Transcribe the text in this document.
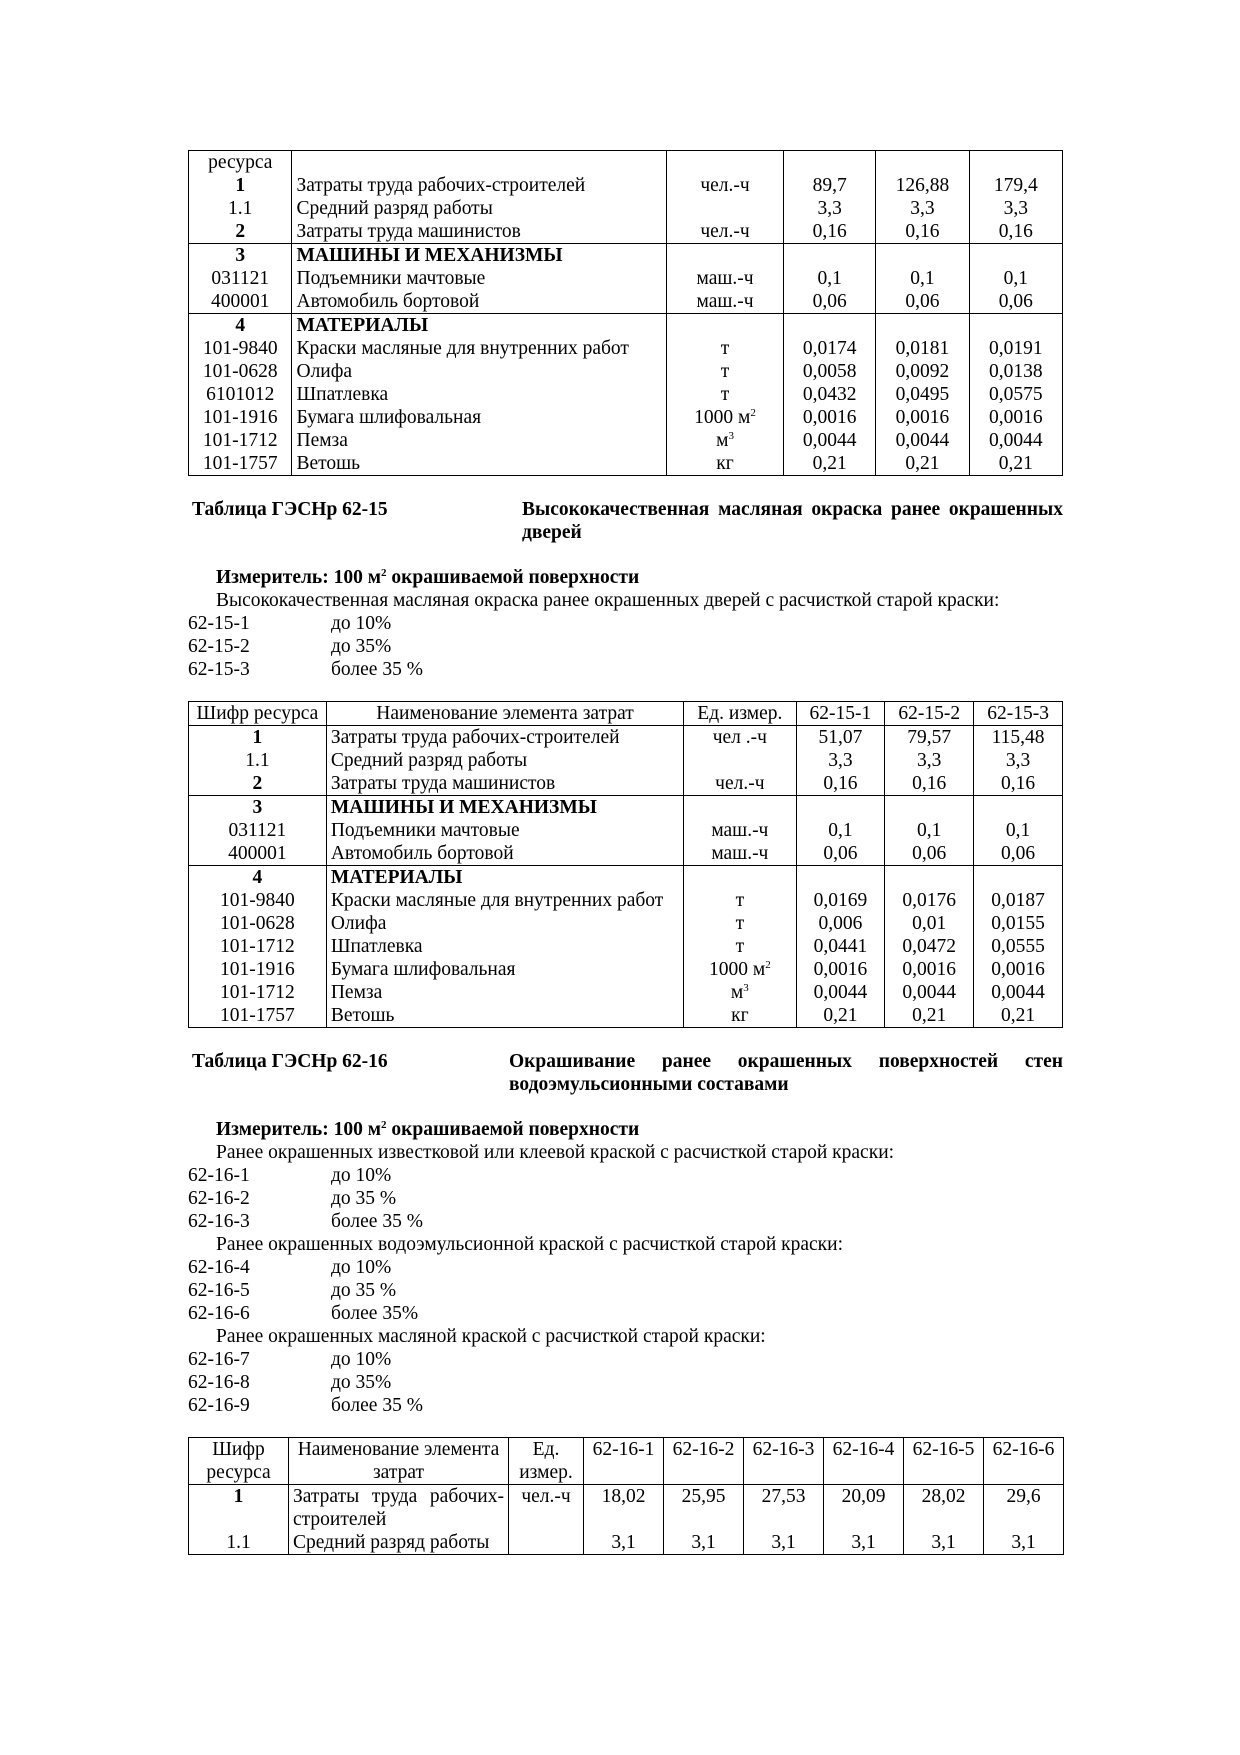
ресурса					
1	Затраты труда рабочих-строителей	чел.-ч	89,7	126,88	179,4
1.1	Средний разряд работы		3,3	3,3	3,3
2	Затраты труда машинистов	чел.-ч	0,16	0,16	0,16
3	МАШИНЫ И МЕХАНИЗМЫ				
031121	Подъемники мачтовые	маш.-ч	0,1	0,1	0,1
400001	Автомобиль бортовой	маш.-ч	0,06	0,06	0,06
4	МАТЕРИАЛЫ				
101-9840	Краски масляные для внутренних работ	т	0,0174	0,0181	0,0191
101-0628	Олифа	т	0,0058	0,0092	0,0138
6101012	Шпатлевка	т	0,0432	0,0495	0,0575
101-1916	Бумага шлифовальная	1000 $м^2$	0,0016	0,0016	0,0016
101-1712	Пемза	$м^3$	0,0044	0,0044	0,0044
101-1757	Ветошь	кг	0,21	0,21	0,21
Таблица ГЭСНр 62-15	Высококачественная масляная окраска ранее окрашенных дверей
Измеритель: 100 $м^2$ окрашиваемой поверхности
Высококачественная масляная окраска ранее окрашенных дверей с расчисткой старой краски:
62-15-1	до 10%
62-15-2	до 35%
62-15-3	более 35 %
Шифр ресурса	Наименование элемента затрат	Ед. измер.	62-15-1	62-15-2	62-15-3
1	Затраты труда рабочих-строителей	чел .-ч	51,07	79,57	115,48
1.1	Средний разряд работы		3,3	3,3	3,3
2	Затраты труда машинистов	чел.-ч	0,16	0,16	0,16
3	МАШИНЫ И МЕХАНИЗМЫ				
031121	Подъемники мачтовые	маш.-ч	0,1	0,1	0,1
400001	Автомобиль бортовой	маш.-ч	0,06	0,06	0,06
4	МАТЕРИАЛЫ				
101-9840	Краски масляные для внутренних работ	т	0,0169	0,0176	0,0187
101-0628	Олифа	т	0,006	0,01	0,0155
101-1712	Шпатлевка	т	0,0441	0,0472	0,0555
101-1916	Бумага шлифовальная	1000 $м^2$	0,0016	0,0016	0,0016
101-1712	Пемза	$м^3$	0,0044	0,0044	0,0044
101-1757	Ветошь	кг	0,21	0,21	0,21
Таблица ГЭСНр 62-16	Окрашивание ранее окрашенных поверхностей стен водоэмульсионными составами
Измеритель: 100 $м^2$ окрашиваемой поверхности
Ранее окрашенных известковой или клеевой краской с расчисткой старой краски:
62-16-1	до 10%
62-16-2	до 35 %
62-16-3	более 35 %
Ранее окрашенных водоэмульсионной краской с расчисткой старой краски:
62-16-4	до 10%
62-16-5	до 35 %
62-16-6	более 35%
Ранее окрашенных масляной краской с расчисткой старой краски:
62-16-7	до 10%
62-16-8	до 35%
62-16-9	более 35 %
Шифр ресурса	Наименование элемента затрат	Ед. измер.	62-16-1	62-16-2	62-16-3	62-16-4	62-16-5	62-16-6
1	Затраты труда рабочих-строителей	чел.-ч	18,02	25,95	27,53	20,09	28,02	29,6
1.1	Средний разряд работы		3,1	3,1	3,1	3,1	3,1	3,1
